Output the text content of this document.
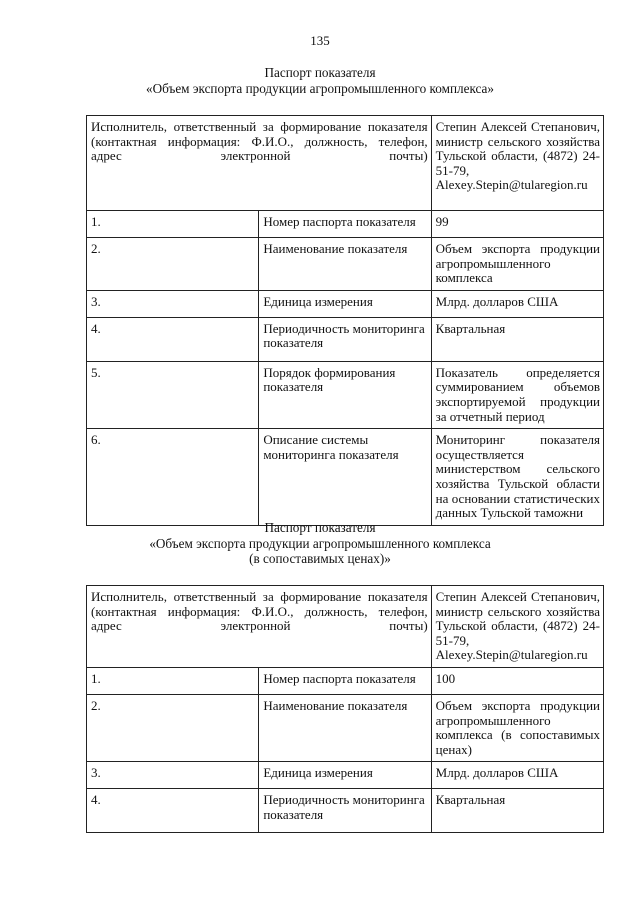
135
Паспорт показателя
«Объем экспорта продукции агропромышленного комплекса»
Исполнитель, ответственный за формирование показателя (контактная информация: Ф.И.О., должность, телефон, адрес электронной почты)		Степин Алексей Степанович, министр сельского хозяйства Тульской области, (4872) 24-51-79, Alexey.Stepin@tularegion.ru

1.	Номер паспорта показателя	99
2.	Наименование показателя	Объем экспорта продукции агропромышленного комплекса
3.	Единица измерения	Млрд. долларов США
4.	Периодичность мониторинга показателя	Квартальная
5.	Порядок формирования показателя	Показатель определяется суммированием объемов экспортируемой продукции за отчетный период
6.	Описание системы мониторинга показателя	Мониторинг показателя осуществляется министерством сельского хозяйства Тульской области на основании статистических данных Тульской таможни
Паспорт показателя
«Объем экспорта продукции агропромышленного комплекса
(в сопоставимых ценах)»
Исполнитель, ответственный за формирование показателя (контактная информация: Ф.И.О., должность, телефон, адрес электронной почты)		Степин Алексей Степанович, министр сельского хозяйства Тульской области, (4872) 24-51-79, Alexey.Stepin@tularegion.ru

1.	Номер паспорта показателя	100
2.	Наименование показателя	Объем экспорта продукции агропромышленного комплекса (в сопоставимых ценах)
3.	Единица измерения	Млрд. долларов США
4.	Периодичность мониторинга показателя	Квартальная
